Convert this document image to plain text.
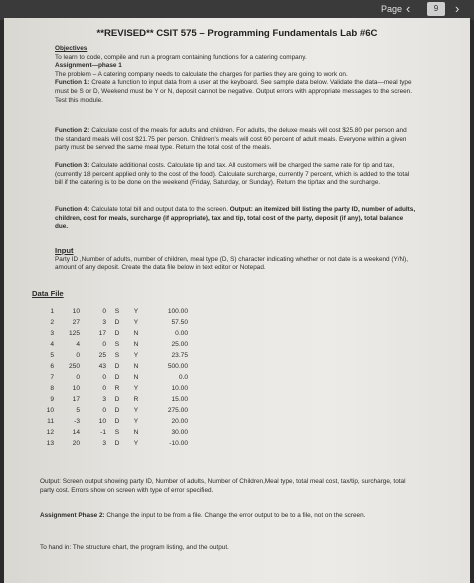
Page ‹	9	›
**REVISED** CSIT 575 – Programming Fundamentals Lab #6C
Objectives
To learn to code, compile and run a program containing functions for a catering company.
Assignment—phase 1
The problem – A catering company needs to calculate the charges for parties they are going to work on.
Function 1: Create a function to input data from a user at the keyboard. See sample data below. Validate the data—meal type must be S or D, Weekend must be Y or N, deposit cannot be negative. Output errors with appropriate messages to the screen. Test this module.
Function 2: Calculate cost of the meals for adults and children. For adults, the deluxe meals will cost $25.80 per person and the standard meals will cost $21.75 per person. Children's meals will cost 60 percent of adult meals. Everyone within a given party must be served the same meal type. Return the total cost of the meals.
Function 3: Calculate additional costs. Calculate tip and tax. All customers will be charged the same rate for tip and tax, (currently 18 percent applied only to the cost of the food). Calculate surcharge, currently 7 percent, which is added to the total bill if the catering is to be done on the weekend (Friday, Saturday, or Sunday). Return the tip/tax and the surcharge.
Function 4: Calculate total bill and output data to the screen. Output: an itemized bill listing the party ID, number of adults, children, cost for meals, surcharge (if appropriate), tax and tip, total cost of the party, deposit (if any), total balance due.
Input
Party ID ,Number of adults, number of children, meal type (D, S) character indicating whether or not date is a weekend (Y/N), amount of any deposit. Create the data file below in text editor or Notepad.
Data File
1	10	0	S	Y	100.00
2	27	3	D	Y	57.50
3	125	17	D	N	0.00
4	4	0	S	N	25.00
5	0	25	S	Y	23.75
6	250	43	D	N	500.00
7	0	0	D	N	0.0
8	10	0	R	Y	10.00
9	17	3	D	R	15.00
10	5	0	D	Y	275.00
11	-3	10	D	Y	20.00
12	14	-1	S	N	30.00
13	20	3	D	Y	-10.00
Output: Screen output showing party ID, Number of adults, Number of Children,Meal type, total meal cost, tax/tip, surcharge, total party cost. Errors show on screen with type of error specified.
Assignment Phase 2: Change the input to be from a file. Change the error output to be to a file, not on the screen.
To hand in: The structure chart, the program listing, and the output.
